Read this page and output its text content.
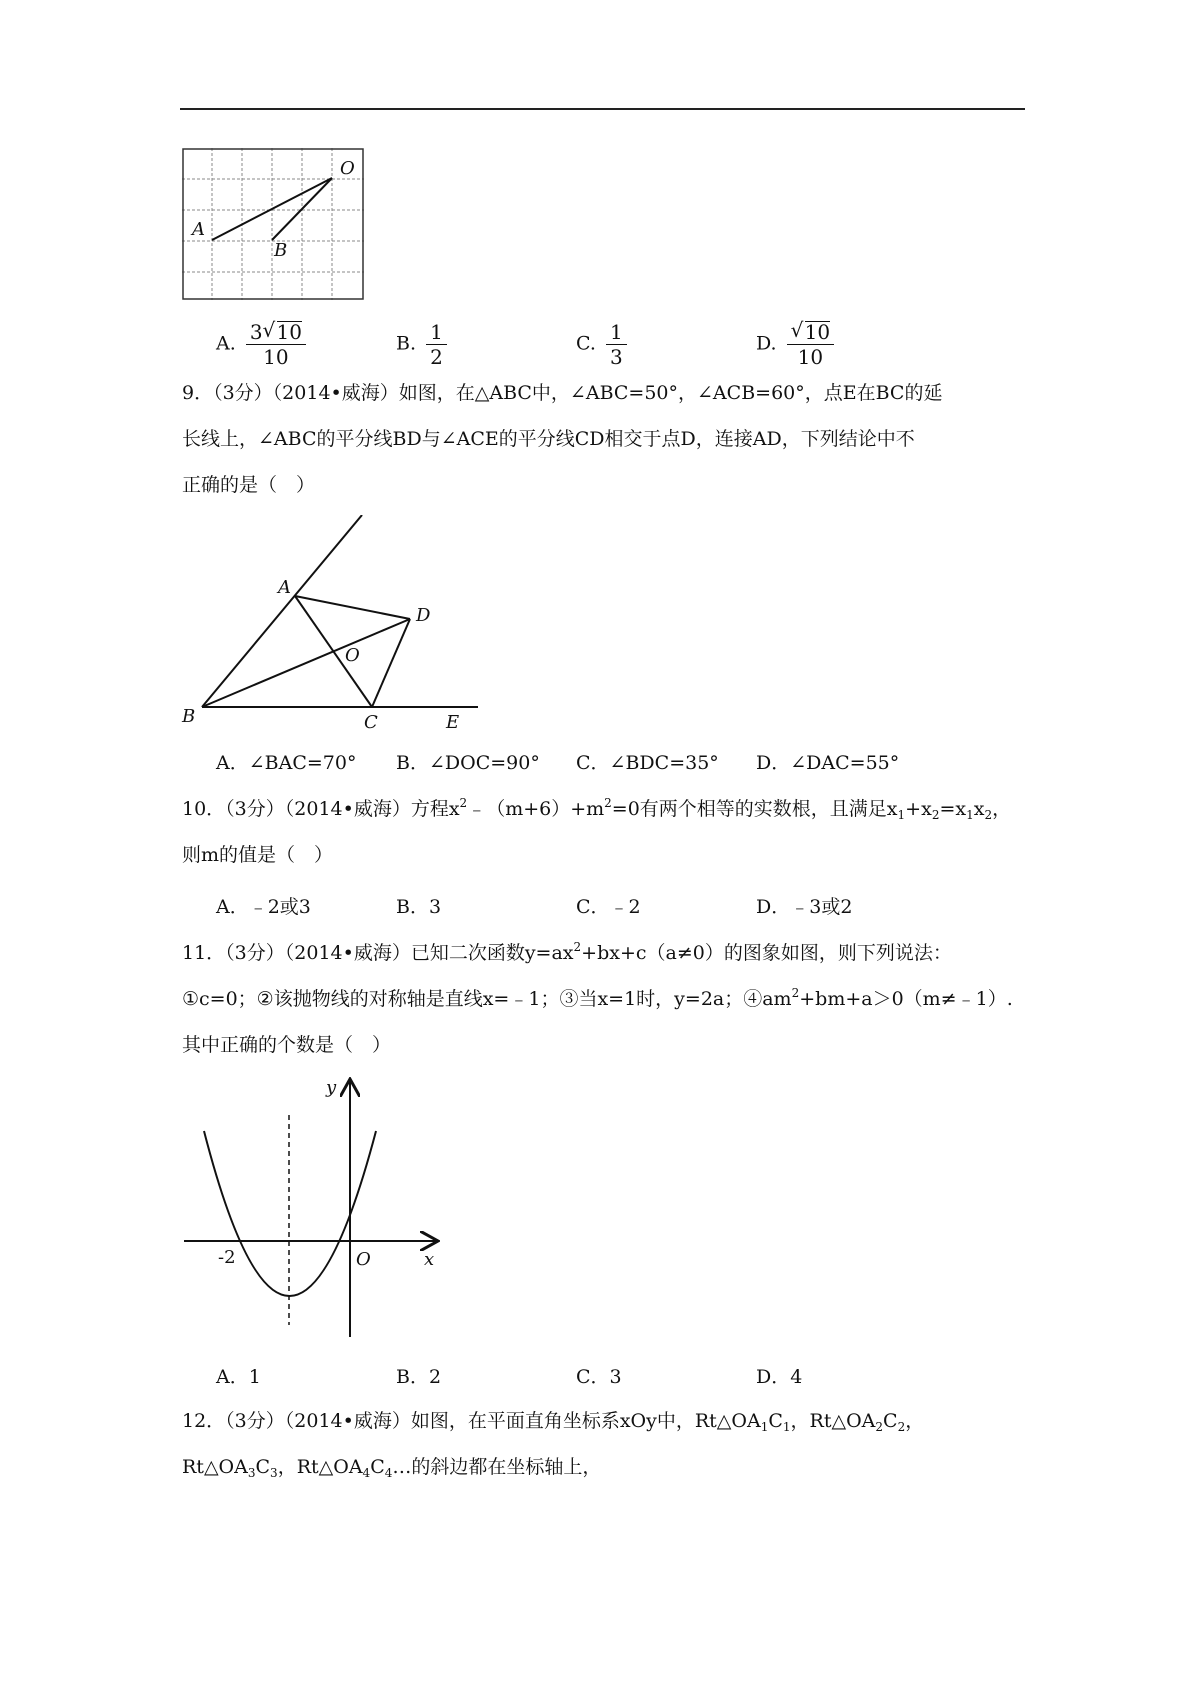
O
A
B
A. $\frac{3 √ 10}{10}$	B. $\frac{1}{2}$	C. $\frac{1}{3}$	D. √ $\frac{10}{10}$
9．（3分）（2014•威海）如图，在△ABC中，∠ABC=50°，∠ACB=60°，点E在BC的延
长线上，∠ABC的平分线BD与∠ACE的平分线CD相交于点D，连接AD，下列结论中不
正确的是（　）
A
D
O
B	C	E
A．∠BAC=70° B．∠DOC=90° C．∠BDC=35° D．∠DAC=55°
10．（3分）（2014•威海）方程$x^2﹣(m+6)+m^2=0$有两个相等的实数根，且满足$x_1+x_2=x_1x_2$，
则m的值是（　）
A．﹣2或3	B．3	C．﹣2	D．﹣3或2
11．（3分）（2014•威海）已知二次函数$y=ax^2+bx+c(a\ne 0)$的图象如图，则下列说法：
①c=0；②该抛物线的对称轴是直线x=﹣1；③当x=1时，y=2a；$④am^2+bm+a>0(m\ne﹣1)$.
其中正确的个数是（　）
y
x
O
-2
A．1	B．2	C．3	D．4
12．（3分）（2014•威海）如图，在平面直角坐标系xOy中，$Rt\triangle OA_1C_1$，$Rt\triangle OA_2C_2$，
$Rt\triangle OA_3C_3$，$Rt\triangle OA_4C_4\dots$的斜边都在坐标轴上，
